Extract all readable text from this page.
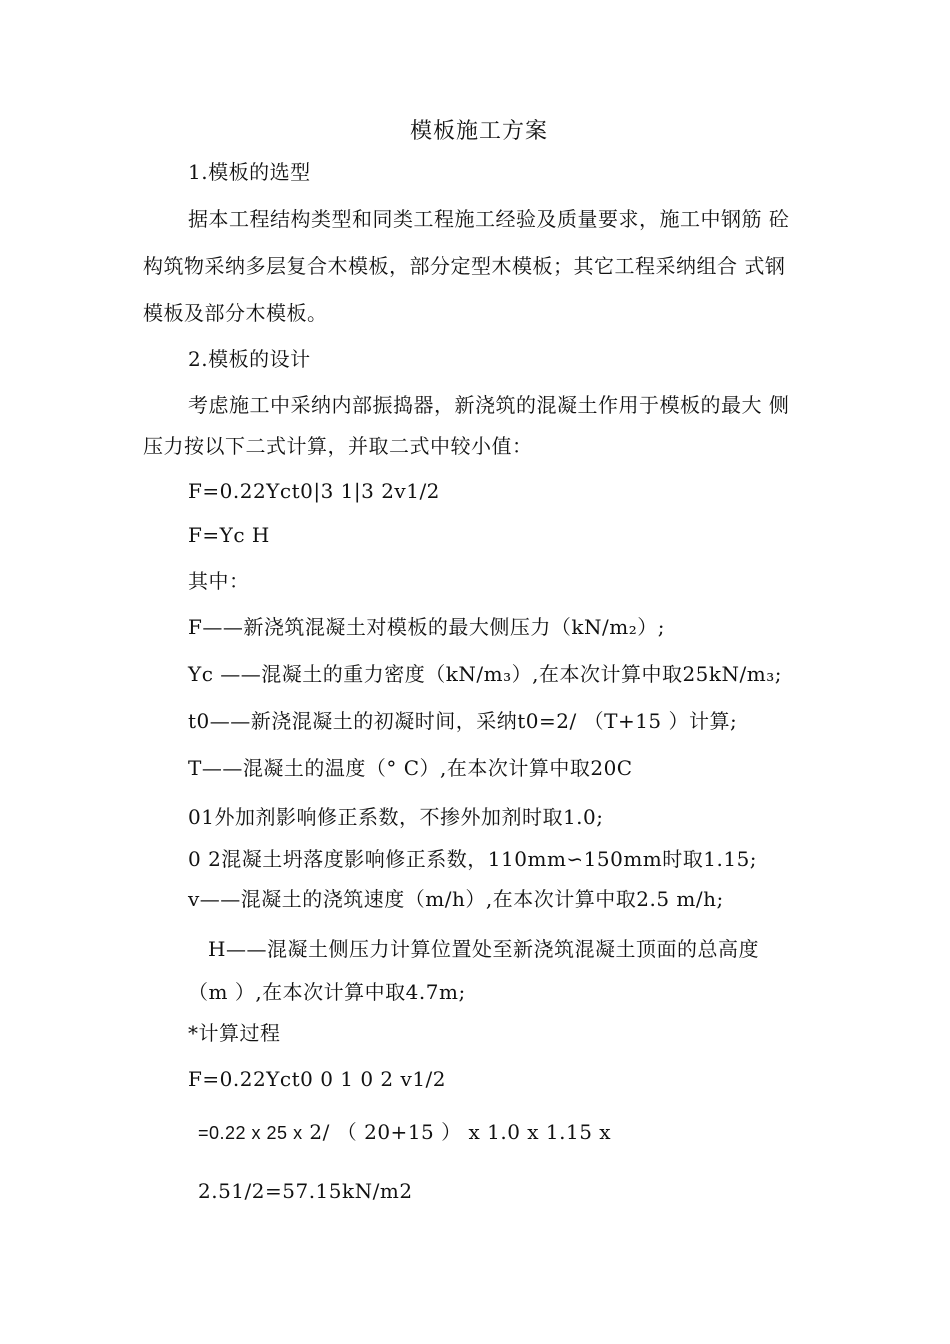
模板施工方案
1.模板的选型
据本工程结构类型和同类工程施工经验及质量要求，施工中钢筋 砼
构筑物采纳多层复合木模板，部分定型木模板；其它工程采纳组合 式钢
模板及部分木模板。
2.模板的设计
考虑施工中采纳内部振捣器，新浇筑的混凝土作用于模板的最大 侧
压力按以下二式计算，并取二式中较小值：
F=0.22Yct0|3 1|3 2v1/2
F=Yc H
其中：
F——新浇筑混凝土对模板的最大侧压力（kN/m₂）;
Yc ——混凝土的重力密度（kN/m₃）,在本次计算中取25kN/m₃;
t0——新浇混凝土的初凝时间，采纳t0=2/ （T+15 ）计算;
T——混凝土的温度（° C）,在本次计算中取20C
01外加剂影响修正系数，不掺外加剂时取1.0;
0 2混凝土坍落度影响修正系数，110mm∽150mm时取1.15;
v——混凝土的浇筑速度（m/h）,在本次计算中取2.5 m/h;
H——混凝土侧压力计算位置处至新浇筑混凝土顶面的总高度
（m ）,在本次计算中取4.7m;
*计算过程
F=0.22Yct0 0 1 0 2 v1/2
=0.22 x 25 x 2/ （ 20+15 ） x 1.0 x 1.15 x
2.51/2=57.15kN/m2
